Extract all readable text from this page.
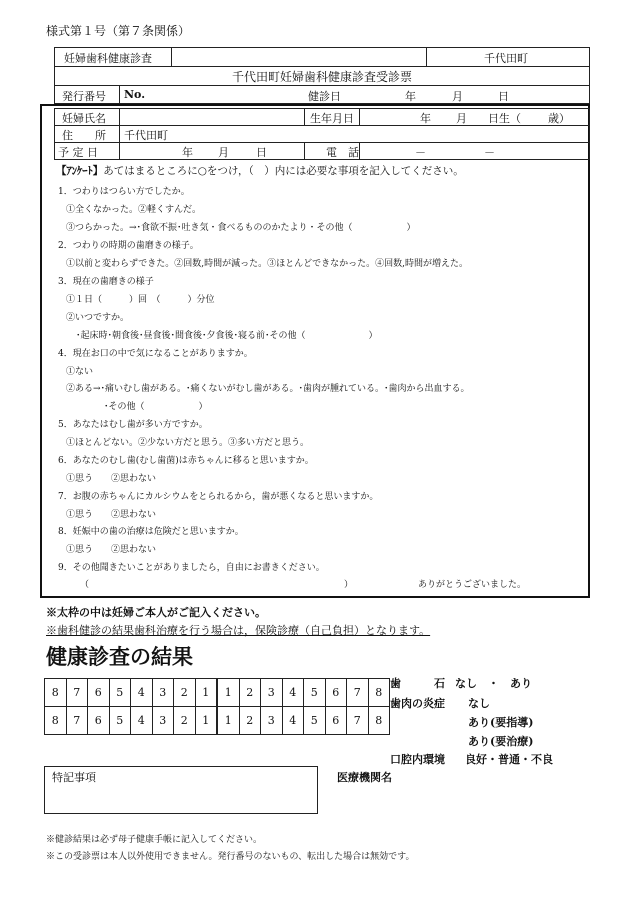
様式第１号（第７条関係）
妊婦歯科健康診査	千代田町
千代田町妊婦歯科健康診査受診票
発行番号 No.	健診日	年	月	日
妊婦氏名	生年月日	年 月 日生（ 歳）
住　　所 千代田町
予 定 日	年 月 日	電　話	－	－
【ｱﾝｹｰﾄ】あてはまるところに○をつけ，（　）内には必要な事項を記入してください。
1．つわりはつらい方でしたか。
①全くなかった。②軽くすんだ。
③つらかった。→･食欲不振･吐き気・食べるもののかたより・その他（　　　　　　）
2．つわりの時期の歯磨きの様子。
①以前と変わらずできた。②回数,時間が減った。③ほとんどできなかった。④回数,時間が増えた。
3．現在の歯磨きの様子
①１日（　　　）回　（　　　）分位
②いつですか。
･起床時･朝食後･昼食後･間食後･夕食後･寝る前･その他（　　　　　　　）
4．現在お口の中で気になることがありますか。
①ない
②ある→･痛いむし歯がある。･痛くないがむし歯がある。･歯肉が腫れている。･歯肉から出血する。
･その他（　　　　　　）
5．あなたはむし歯が多い方ですか。
①ほとんどない。②少ない方だと思う。③多い方だと思う。
6．あなたのむし歯(むし歯菌)は赤ちゃんに移ると思いますか。
①思う　　②思わない
7．お腹の赤ちゃんにカルシウムをとられるから，歯が悪くなると思いますか。
①思う　　②思わない
8．妊娠中の歯の治療は危険だと思いますか。
①思う　　②思わない
9．その他聞きたいことがありましたら，自由にお書きください。
（	）	ありがとうございました。
※太枠の中は妊婦ご本人がご記入ください。
※歯科健診の結果歯科治療を行う場合は，保険診療（自己負担）となります。
健康診査の結果
8	7	6	5	4	3	2	1	1	2	3	4	5	6	7	8
8	7	6	5	4	3	2	1	1	2	3	4	5	6	7	8
歯　　　石 なし　・　あり
歯肉の炎症 なし
あり(要指導)
あり(要治療)
口腔内環境 良好・普通・不良
特記事項	医療機関名
※健診結果は必ず母子健康手帳に記入してください。
※この受診票は本人以外使用できません。発行番号のないもの、転出した場合は無効です。
